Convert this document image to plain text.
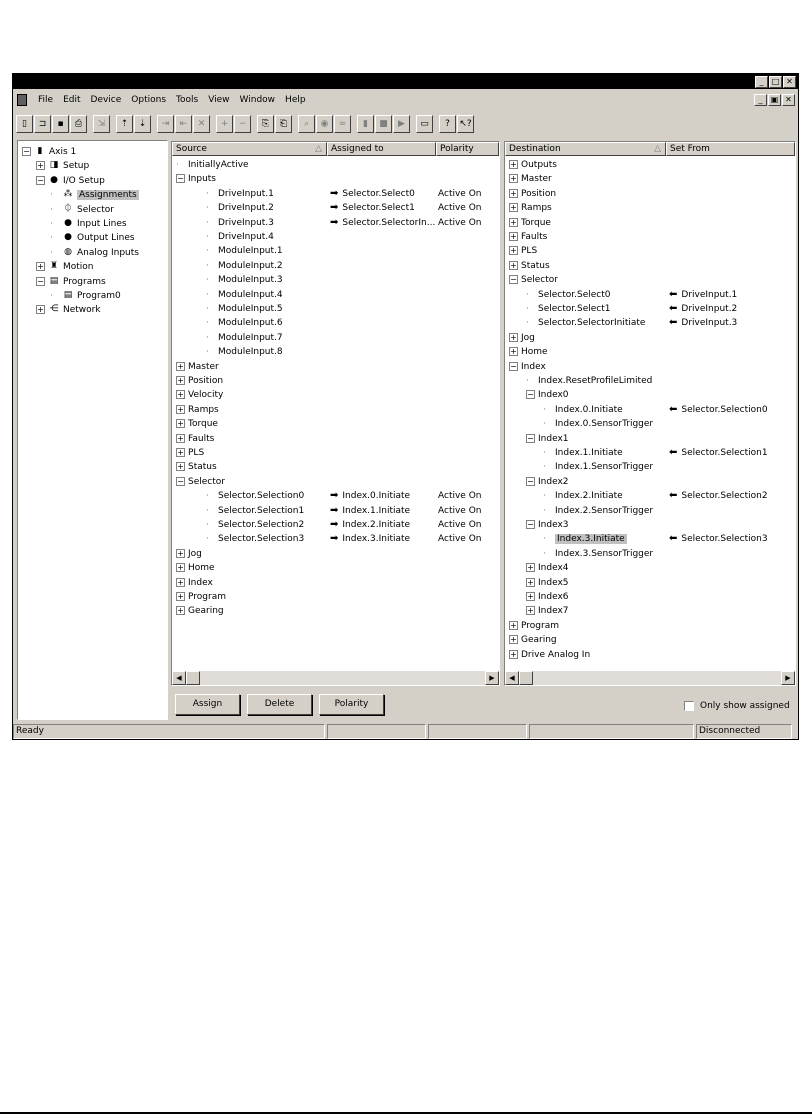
_	□ ✕
File	Edit	Device	Options	Tools	View	Window	Help	_	▣ ✕
▯	⊐	▪	⎙	⇲	⇡	⇣	⇥	⇤	✕	+	−	⎘	⎗	⌕	◉	∞	▮	■	▶	▭	?	↖?
− ▮ Axis 1
+ ◨ Setup
− ● I/O Setup
· ⁂ Assignments
· ⏀ Selector
· ● Input Lines
· ● Output Lines
· ◍ Analog Inputs
+ ♜ Motion
− ▤ Programs
· ▤ Program0
+ ⋲ Network
Source	△	Assigned to	Polarity
◀	▶
· InitiallyActive
− Inputs
· DriveInput.1	➡ Selector.Select0	Active On
· DriveInput.2	➡ Selector.Select1	Active On
· DriveInput.3	➡ Selector.SelectorIn... Active On
· DriveInput.4
· ModuleInput.1
· ModuleInput.2
· ModuleInput.3
· ModuleInput.4
· ModuleInput.5
· ModuleInput.6
· ModuleInput.7
· ModuleInput.8
+ Master
+ Position
+ Velocity
+ Ramps
+ Torque
+ Faults
+ PLS
+ Status
− Selector
· Selector.Selection0	➡ Index.0.Initiate	Active On
· Selector.Selection1	➡ Index.1.Initiate	Active On
· Selector.Selection2	➡ Index.2.Initiate	Active On
· Selector.Selection3	➡ Index.3.Initiate	Active On
+ Jog
+ Home
+ Index
+ Program
+ Gearing
Destination	△	Set From
◀	▶
+ Outputs
+ Master
+ Position
+ Ramps
+ Torque
+ Faults
+ PLS
+ Status
− Selector
· Selector.Select0	⬅ DriveInput.1
· Selector.Select1	⬅ DriveInput.2
· Selector.SelectorInitiate ⬅ DriveInput.3
+ Jog
+ Home
− Index
· Index.ResetProfileLimited
− Index0
· Index.0.Initiate	⬅ Selector.Selection0
· Index.0.SensorTrigger
− Index1
· Index.1.Initiate	⬅ Selector.Selection1
· Index.1.SensorTrigger
− Index2
· Index.2.Initiate	⬅ Selector.Selection2
· Index.2.SensorTrigger
− Index3
· Index.3.Initiate	⬅ Selector.Selection3
· Index.3.SensorTrigger
+ Index4
+ Index5
+ Index6
+ Index7
+ Program
+ Gearing
+ Drive Analog In
Assign	Delete	Polarity	Only show assigned
Ready	Disconnected
